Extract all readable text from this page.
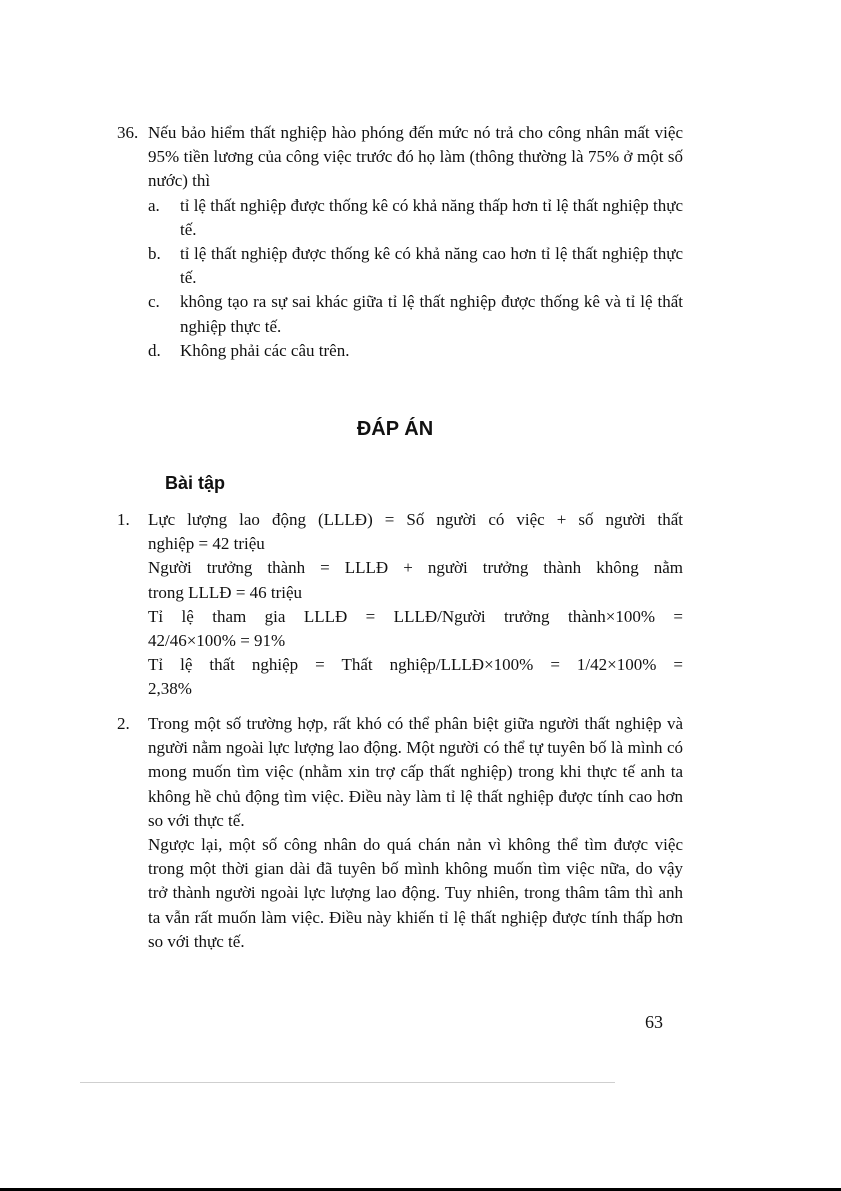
36. Nếu bảo hiểm thất nghiệp hào phóng đến mức nó trả cho công nhân mất việc 95% tiền lương của công việc trước đó họ làm (thông thường là 75% ở một số nước) thì
a. tỉ lệ thất nghiệp được thống kê có khả năng thấp hơn tỉ lệ thất nghiệp thực tế.
b. tỉ lệ thất nghiệp được thống kê có khả năng cao hơn tỉ lệ thất nghiệp thực tế.
c. không tạo ra sự sai khác giữa tỉ lệ thất nghiệp được thống kê và tỉ lệ thất nghiệp thực tế.
d. Không phải các câu trên.
ĐÁP ÁN
Bài tập
1. Lực lượng lao động (LLLĐ) = Số người có việc + số người thất

nghiệp = 42 triệu

Người trưởng thành = LLLĐ + người trưởng thành không nằm

trong LLLĐ = 46 triệu

Tỉ lệ tham gia LLLĐ = LLLĐ/Người trưởng thành×100% =

42/46×100% = 91%

Tỉ lệ thất nghiệp = Thất nghiệp/LLLĐ×100% = 1/42×100% =

2,38%

2. Trong một số trường hợp, rất khó có thể phân biệt giữa người thất nghiệp và người nằm ngoài lực lượng lao động. Một người có thể tự tuyên bố là mình có mong muốn tìm việc (nhằm xin trợ cấp thất nghiệp) trong khi thực tế anh ta không hề chủ động tìm việc. Điều này làm tỉ lệ thất nghiệp được tính cao hơn so với thực tế.

Ngược lại, một số công nhân do quá chán nản vì không thể tìm được việc trong một thời gian dài đã tuyên bố mình không muốn tìm việc nữa, do vậy trở thành người ngoài lực lượng lao động. Tuy nhiên, trong thâm tâm thì anh ta vẫn rất muốn làm việc. Điều này khiến tỉ lệ thất nghiệp được tính thấp hơn so với thực tế.

63
